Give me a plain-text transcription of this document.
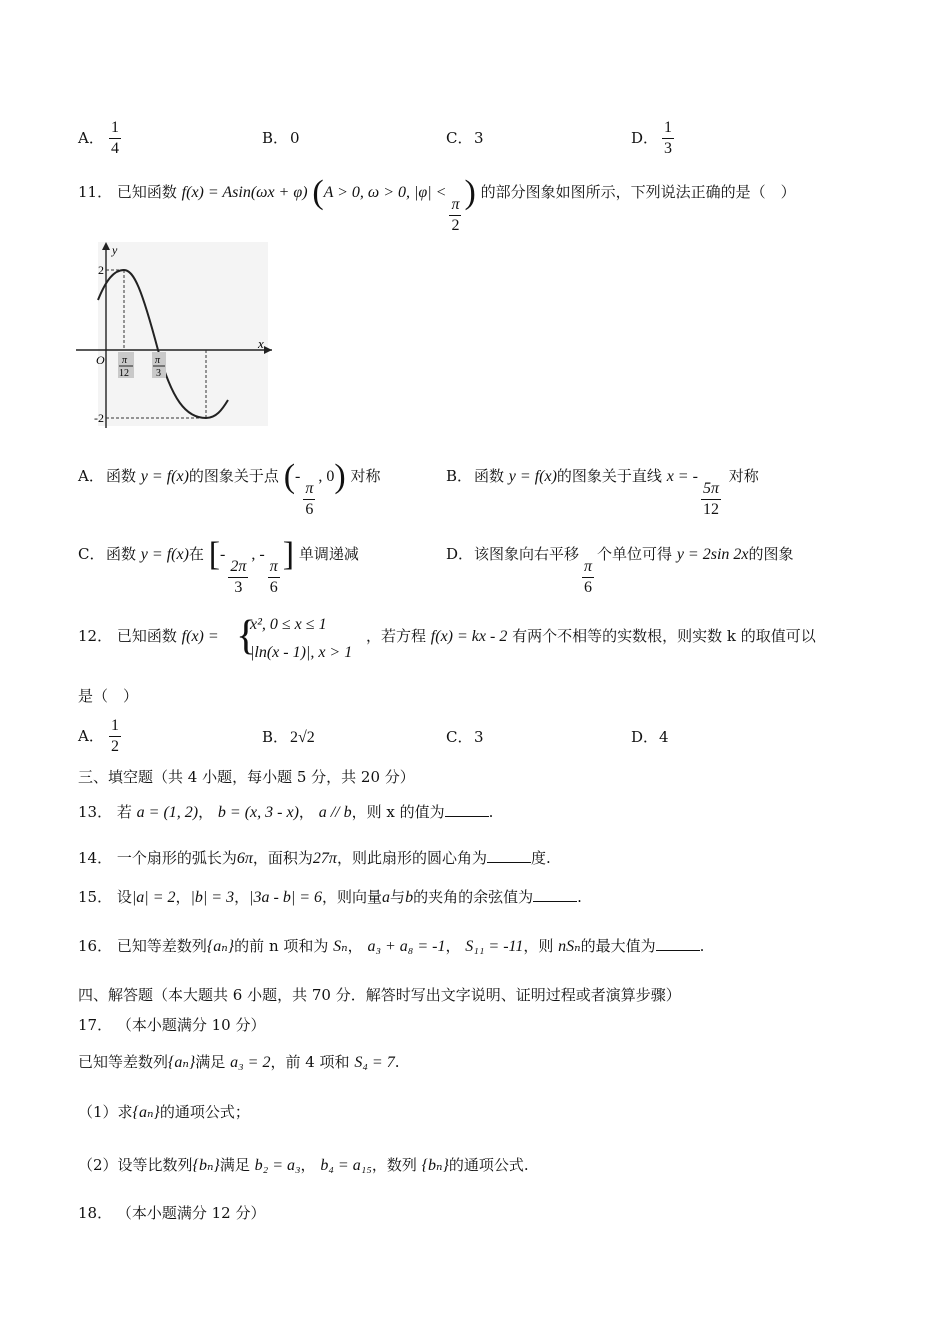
A． $\frac{1}{4}$	B． 0	C． 3	D． $\frac{1}{3}$
11． 已知函数 f(x) = Asin(ωx + φ) (A > 0, ω > 0, |φ| <
$\frac{\pi}{2}$
) 的部分图象如图所示，下列说法正确的是（　）
y
x
O
2
-2
π
12
π
3
A． 函数 y = f(x)的图象关于点 (-
$\frac{\pi}{6}$
, 0) 对称	B． 函数 y = f(x)的图象关于直线 x = -
$\frac{5\pi}{12}$
对称
C． 函数 y = f(x)在 [-
$\frac{2\pi}{3}$
, -
$\frac{\pi}{6}$
] 单调递减	D．该图象向右平移
$\frac{\pi}{6}$
个单位可得 y = 2sin 2x的图象
12． 已知函数 f(x) = {
x², 0 ≤ x ≤ 1
|ln(x - 1)|, x > 1
，若方程 f(x) = kx - 2 有两个不相等的实数根，则实数 k 的取值可以
是（　）
A． $\frac{1}{2}$	B． 2√2	C． 3	D．4
三、填空题（共 4 小题，每小题 5 分，共 20 分）
13． 若 a = (1, 2)， b = (x, 3 - x)， a // b，则 x 的值为	.
14． 一个扇形的弧长为6π，面积为27π，则此扇形的圆心角为	度.
15． 设|a| = 2，|b| = 3，|3a - b| = 6，则向量a与b的夹角的余弦值为	.
16． 已知等差数列{aₙ}的前 n 项和为 Sₙ， a₃ + a₈ = -1， S₁₁ = -11，则 nSₙ的最大值为	.
四、解答题（本大题共 6 小题，共 70 分．解答时写出文字说明、证明过程或者演算步骤）
17． （本小题满分 10 分）
已知等差数列{aₙ}满足 a₃ = 2，前 4 项和 S₄ = 7.
（1）求{aₙ}的通项公式；
（2）设等比数列{bₙ}满足 b₂ = a₃， b₄ = a₁₅，数列 {bₙ}的通项公式.
18． （本小题满分 12 分）
